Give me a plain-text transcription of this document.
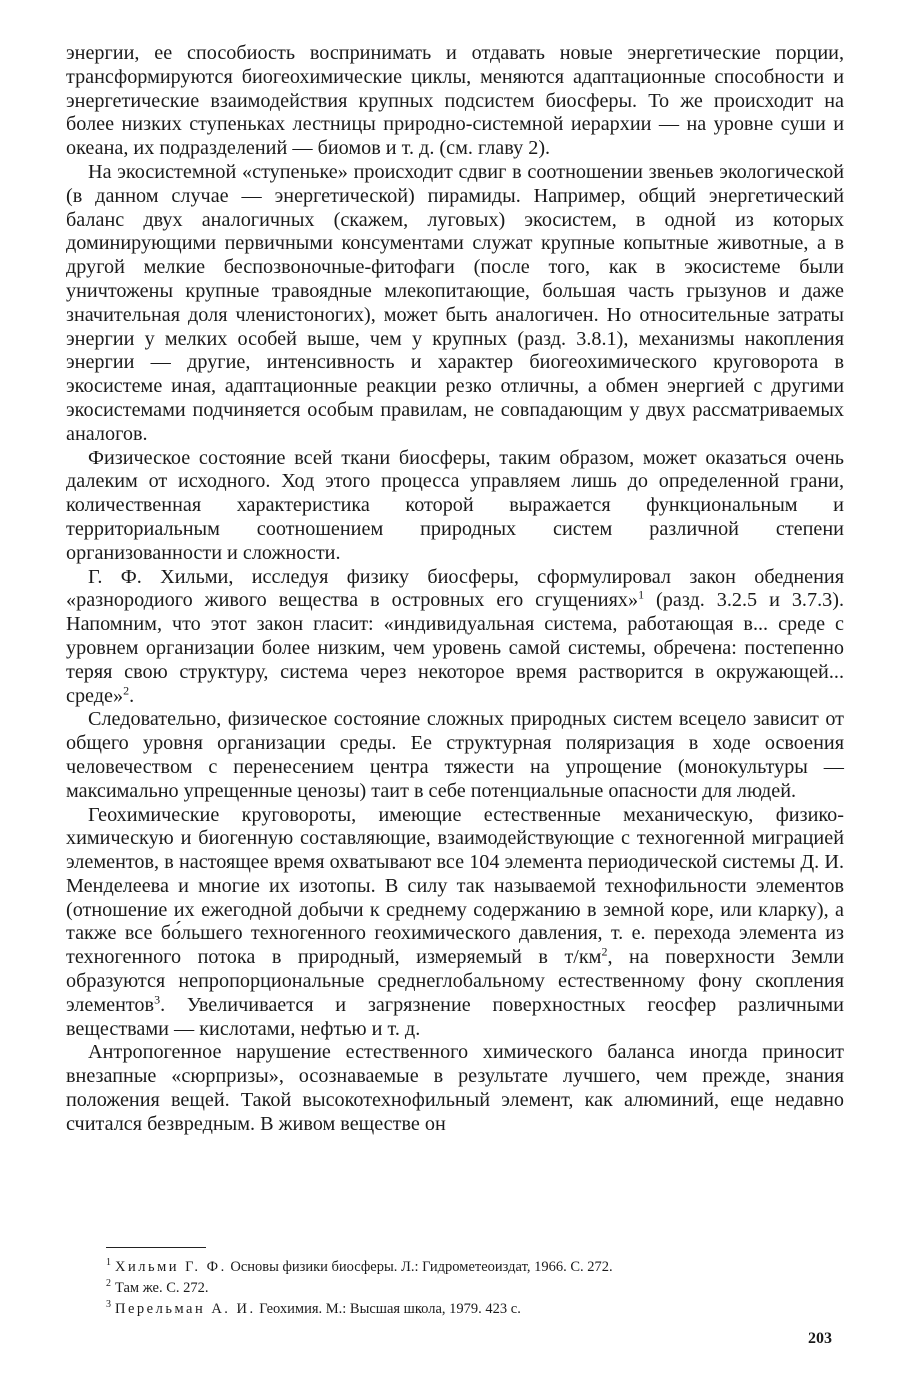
энергии, ее способиость воспринимать и отдавать новые энергетические порции, трансформируются биогеохимические циклы, меняются адаптационные способности и энергетические взаимодействия крупных подсистем биосферы. То же происходит на более низких ступеньках лестницы природно-системной иерархии — на уровне суши и океана, их подразделений — биомов и т. д. (см. главу 2).

На экосистемной «ступеньке» происходит сдвиг в соотношении звеньев экологической (в данном случае — энергетической) пирамиды. Например, общий энергетический баланс двух аналогичных (скажем, луговых) экосистем, в одной из которых доминирующими первичными консументами служат крупные копытные животные, а в другой мелкие беспозвоночные-фитофаги (после того, как в экосистеме были уничтожены крупные травоядные млекопитающие, большая часть грызунов и даже значительная доля членистоногих), может быть аналогичен. Но относительные затраты энергии у мелких особей выше, чем у крупных (разд. 3.8.1), механизмы накопления энергии — другие, интенсивность и характер биогеохимического круговорота в экосистеме иная, адаптационные реакции резко отличны, а обмен энергией с другими экосистемами подчиняется особым правилам, не совпадающим у двух рассматриваемых аналогов.

Физическое состояние всей ткани биосферы, таким образом, может оказаться очень далеким от исходного. Ход этого процесса управляем лишь до определенной грани, количественная характеристика которой выражается функциональным и территориальным соотношением природных систем различной степени организованности и сложности.

Г. Ф. Хильми, исследуя физику биосферы, сформулировал закон обеднения «разнородиого живого вещества в островных его сгущениях»$^1$ (разд. 3.2.5 и 3.7.3). Напомним, что этот закон гласит: «индивидуальная система, работающая в... среде с уровнем организации более низким, чем уровень самой системы, обречена: постепенно теряя свою структуру, система через некоторое время растворится в окружающей... среде»$^2$.

Следовательно, физическое состояние сложных природных систем всецело зависит от общего уровня организации среды. Ее структурная поляризация в ходе освоения человечеством с перенесением центра тяжести на упрощение (монокультуры — максимально упрещенные ценозы) таит в себе потенциальные опасности для людей.

Геохимические круговороты, имеющие естественные механическую, физико-химическую и биогенную составляющие, взаимодействующие с техногенной миграцией элементов, в настоящее время охватывают все 104 элемента периодической системы Д. И. Менделеева и многие их изотопы. В силу так называемой технофильности элементов (отношение их ежегодной добычи к среднему содержанию в земной коре, или кларку), а также все бо́льшего техногенного геохимического давления, т. е. перехода элемента из техногенного потока в природный, измеряемый в $т/км^2$, на поверхности Земли образуются непропорциональные среднеглобальному естественному фону скопления элементов$^3$. Увеличивается и загрязнение поверхностных геосфер различными веществами — кислотами, нефтью и т. д.

Антропогенное нарушение естественного химического баланса иногда приносит внезапные «сюрпризы», осознаваемые в результате лучшего, чем прежде, знания положения вещей. Такой высокотехнофильный элемент, как алюминий, еще недавно считался безвредным. В живом веществе он

$^1$ Хильми Г. Ф. Основы физики биосферы. Л.: Гидрометеоиздат, 1966. С. 272.

$^2$ Там же. С. 272.

$^3$ Перельман А. И. Геохимия. М.: Высшая школа, 1979. 423 с.

203
